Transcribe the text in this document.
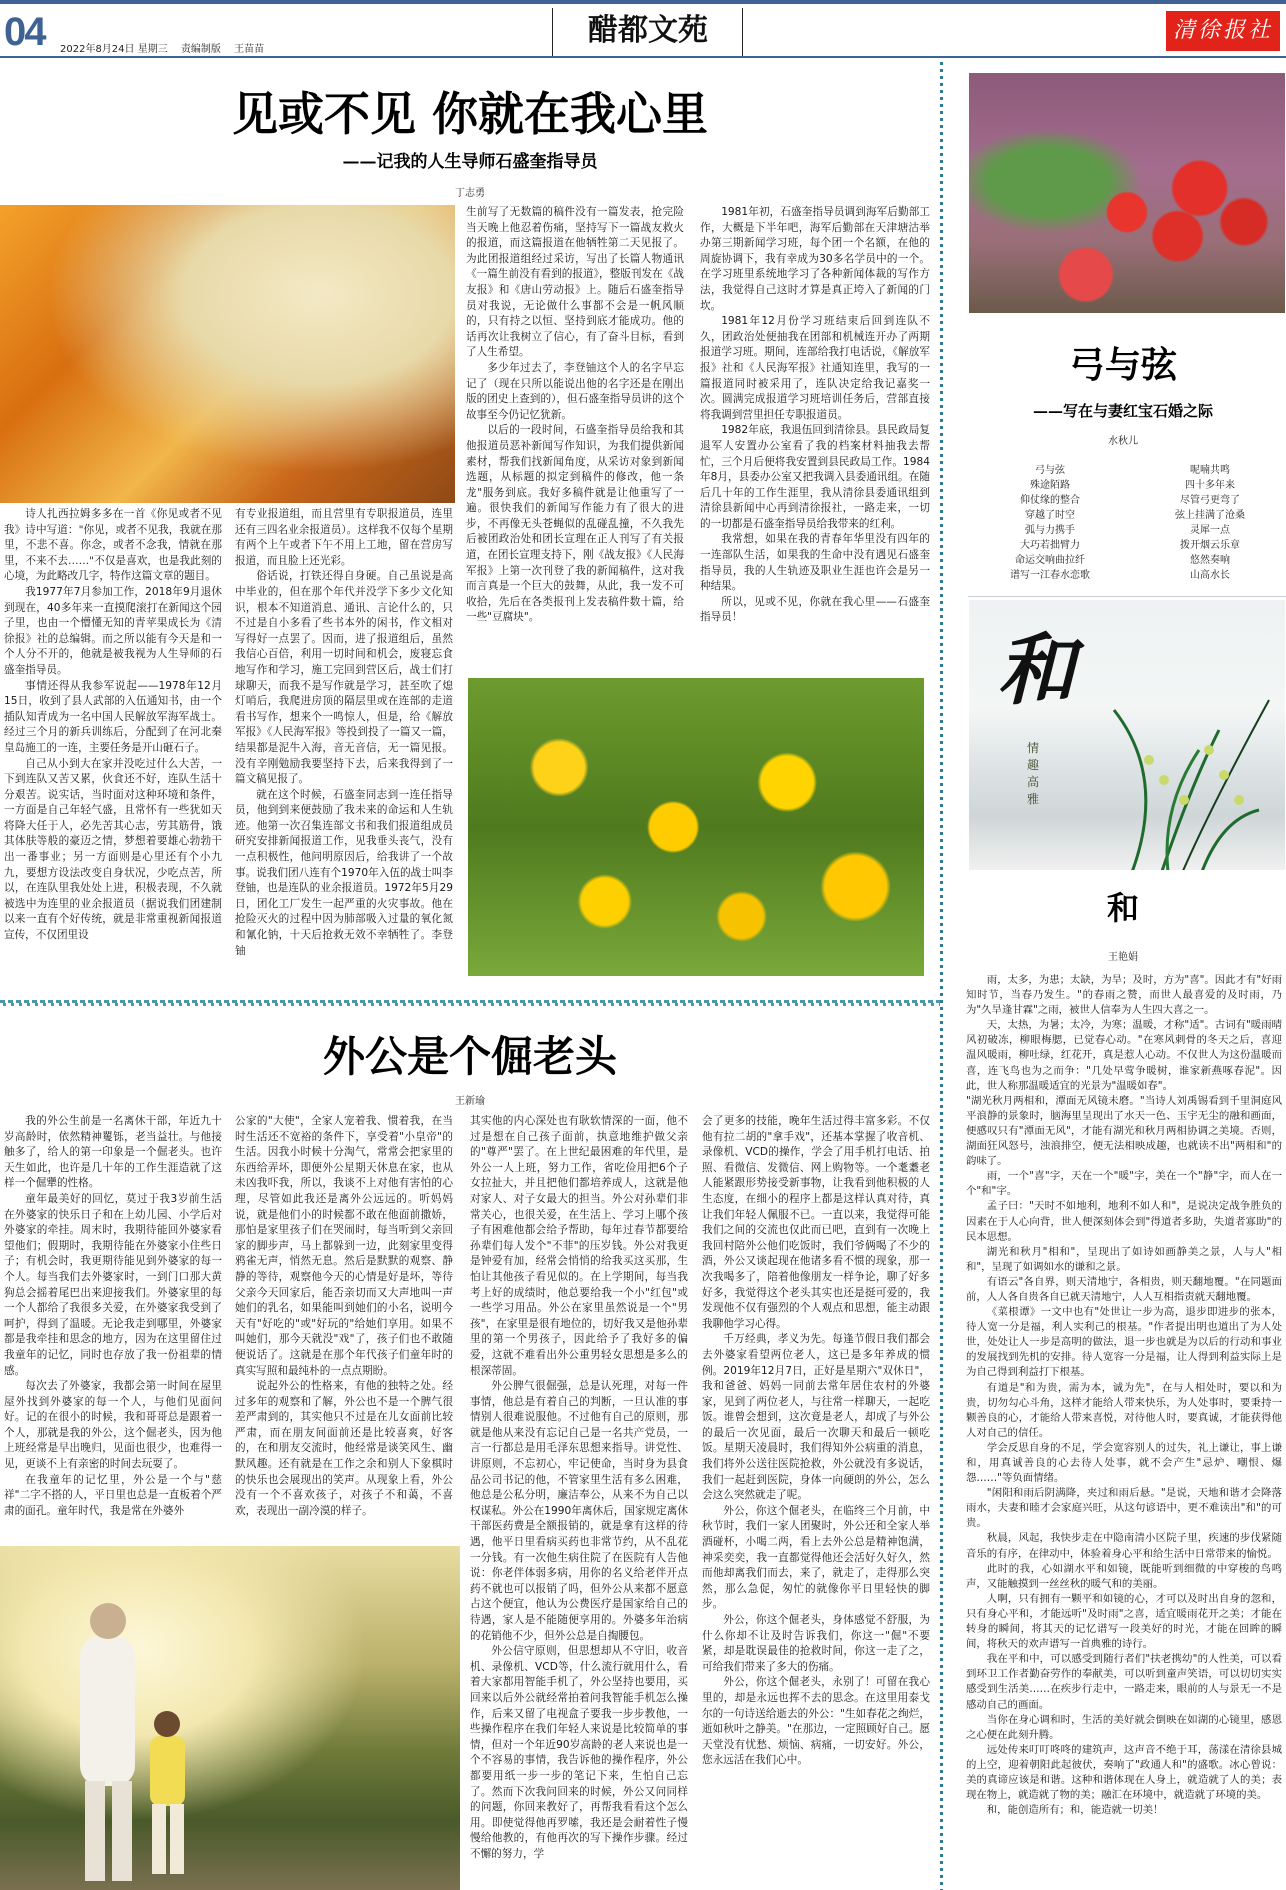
04 2022年8月24日 星期三 责编制版 王苗苗
醋都文苑	清徐报社
见或不见 你就在我心里
——记我的人生导师石盛奎指导员
丁志勇

诗人扎西拉姆多多在一首《你见或者不见我》诗中写道："你见，或者不见我，我就在那里，不悲不喜。你念，或者不念我，情就在那里，不来不去……"不仅是喜欢，也是我此刻的心境，为此略改几字，特作这篇文章的题目。

我1977年7月参加工作，2018年9月退休到现在，40多年来一直摸爬滚打在新闻这个园子里，也由一个懵懂无知的青苹果成长为《清徐报》社的总编辑。而之所以能有今天是和一个人分不开的，他就是被我视为人生导师的石盛奎指导员。

事情还得从我参军说起——1978年12月15日，收到了县人武部的入伍通知书，由一个插队知青成为一名中国人民解放军海军战士。经过三个月的新兵训练后，分配到了在河北秦皇岛施工的一连，主要任务是开山砸石子。

自己从小到大在家并没吃过什么大苦，一下到连队又苦又累，伙食还不好，连队生活十分艰苦。说实话，当时面对这种环境和条件，一方面是自己年轻气盛，且常怀有一些犹如天将降大任于人，必先苦其心志，劳其筋骨，饿其体肤等般的豪迈之情，梦想着要雄心勃勃干出一番事业；另一方面则是心里还有个小九九，要想方设法改变自身状况，少吃点苦，所以，在连队里我处处上进，积极表现，不久就被选中为连里的业余报道员（据说我们团建制以来一直有个好传统，就是非常重视新闻报道宣传，不仅团里设

有专业报道组，而且营里有专职报道员，连里还有三四名业余报道员）。这样我不仅每个星期有两个上午或者下午不用上工地，留在营房写报道，而且脸上还光彩。

俗话说，打铁还得自身硬。自己虽说是高中毕业的，但在那个年代并没学下多少文化知识，根本不知道消息、通讯、言论什么的，只不过是自小多看了些书本外的闲书，作文相对写得好一点罢了。因而，进了报道组后，虽然我信心百倍，利用一切时间和机会，废寝忘食地写作和学习，施工完回到营区后，战士们打球聊天，而我不是写作就是学习，甚至吹了熄灯哨后，我爬进房顶的隔层里或在连部的走道看书写作，想来个一鸣惊人，但是，给《解放军报》《人民海军报》等投到投了一篇又一篇，结果都是泥牛入海，音无音信，无一篇见报。没有辛刚勉励我要坚持下去，后来我得到了一篇文稿见报了。

就在这个时候，石盛奎同志到一连任指导员，他到到来便鼓励了我未来的命运和人生轨迹。他第一次召集连部文书和我们报道组成员研究安排新闻报道工作，见我垂头丧气，没有一点积极性，他问明原因后，给我讲了一个故事。说我们团八连有个1970年入伍的战士叫李登铀，也是连队的业余报道员。1972年5月29日，团化工厂发生一起严重的火灾事故。他在抢险灭火的过程中因为肺部吸入过量的氧化氮和氰化钠，十天后抢救无效不幸牺牲了。李登铀

生前写了无数篇的稿件没有一篇发表，抢完险当天晚上他忍着伤痛，坚持写下一篇战友救火的报道，而这篇报道在他牺牲第二天见报了。为此团报道组经过采访，写出了长篇人物通讯《一篇生前没有看到的报道》，整版刊发在《战友报》和《唐山劳动报》上。随后石盛奎指导员对我说，无论做什么事都不会是一帆风顺的，只有持之以恒、坚持到底才能成功。他的话再次让我树立了信心，有了奋斗目标，看到了人生希望。

多少年过去了，李登铀这个人的名字早忘记了（现在只所以能说出他的名字还是在刚出版的团史上查到的），但石盛奎指导员讲的这个故事至今仍记忆犹新。

以后的一段时间，石盛奎指导员给我和其他报道员恶补新闻写作知识，为我们提供新闻素材，帮我们找新闻角度，从采访对象到新闻选题，从标题的拟定到稿件的修改，他一条龙"服务到底。我好多稿件就是让他重写了一遍。很快我们的新闻写作能力有了很大的进步，不再像无头苍蝇似的乱碰乱撞，不久我先后被团政治处和团长宣理在正人刊写了有关报道，在团长宣理支持下，刚《战友报》《人民海军报》上第一次刊登了我的新闻稿件，这对我而言真是一个巨大的鼓舞，从此，我一发不可收拾，先后在各类报刊上发表稿件数十篇，给一些"豆腐块"。

1981年初，石盛奎指导员调到海军后勤部工作，大概是下半年吧，海军后勤部在天津塘沽举办第三期新闻学习班，每个团一个名额，在他的周旋协调下，我有幸成为30多名学员中的一个。在学习班里系统地学习了各种新闻体裁的写作方法，我觉得自己这时才算是真正垮入了新闻的门坎。

1981年12月份学习班结束后回到连队不久，团政治处便抽我在团部和机械连开办了两期报道学习班。期间，连部给我打电话说，《解放军报》社和《人民海军报》社通知连里，我写的一篇报道同时被采用了，连队决定给我记嘉奖一次。圆满完成报道学习班培训任务后，营部直接将我调到营里担任专职报道员。

1982年底，我退伍回到清徐县。县民政局复退军人安置办公室看了我的档案材料抽我去帮忙，三个月后便将我安置到县民政局工作。1984年8月，县委办公室又把我调入县委通讯组。在随后几十年的工作生涯里，我从清徐县委通讯组到清徐县新闻中心再到清徐报社，一路走来，一切的一切都是石盛奎指导员给我带来的红利。

我常想，如果在我的青春年华里没有四年的一连部队生活，如果我的生命中没有遇见石盛奎指导员，我的人生轨迹及职业生涯也许会是另一种结果。

所以，见或不见，你就在我心里——石盛奎指导员！

弓与弦
——写在与妻红宝石婚之际
水秋儿
弓与弦
殊途陌路
仰仗缘的整合
穿越了时空
弧与力携手
大巧若拙臂力
命运交响曲拉纤
谱写一江春水恋歌
呢喃共鸣
四十多年来
尽管弓更弯了
弦上挂满了沧桑
灵犀一点
拨开烟云乐章
悠然奏响
山高水长
和
情趣高雅
和
王艳娟

雨，太多，为患；太缺，为旱；及时，方为"喜"。因此才有"好雨知时节，当春乃发生。"的春雨之赞，而世人最喜爱的及时雨，乃为"久旱逢甘霖"之雨，被世人信奉为人生四大喜之一。

天，太热，为暑；太冷，为寒；温暖，才称"适"。古词有"暖雨晴风初破冻，柳眼梅腮，已觉春心动。"在寒风刺骨的冬天之后，喜迎温风暖雨，柳吐绿，红花开，真是惹人心动。不仅世人为这份温暖而喜，连飞鸟也为之而争："几处早莺争暖树，谁家新燕啄春泥"。因此，世人称那温暖适宜的光景为"温暖如春"。

"湖光秋月两相和，潭面无风镜未磨。"当诗人刘禹锡看到千里洞庭风平浪静的景象时，脑海里呈现出了水天一色、玉宇无尘的融和画面，便感叹只有"潭面无风"，才能有湖光和秋月两相协调之美境。否则，湖面狂风怒号，浊浪排空，便无法相映成趣，也就读不出"两相和"的韵味了。

雨，一个"喜"字，天在一个"暖"字，美在一个"静"字，而人在一个"和"字。

孟子曰："天时不如地利，地利不如人和"，是说决定战争胜负的因素在于人心向背，世人便深刻体会到"得道者多助，失道者寡助"的民本思想。

湖光和秋月"相和"，呈现出了如诗如画静美之景，人与人"相和"，呈现了如调如水的谦和之景。

有语云"各自界，则天清地宁，各相贵，则天翻地覆。"在同题面前，人人各自贵各自已就天清地宁，人人互相指责就天翻地覆。

《菜根谭》一文中也有"处世让一步为高，退步即进步的张本，待人宽一分是福，利人实利己的根基。"作者提出明也道出了为人处世，处处让人一步是高明的做法，退一步也就是为以后的行动和事业的发展找到先机的安排。待人宽容一分是福，让人得到利益实际上是为自己得到利益打下根基。

有道是"和为贵，需为本，诚为先"，在与人相处时，要以和为贵，切勿勾心斗角，这样才能给人带来快乐，为人处事时，要秉持一颗善良的心，才能给人带来喜悦，对待他人时，要真诚，才能获得他人对自己的信任。

学会反思自身的不足，学会宽容别人的过失，礼上谦让，事上谦和，用真诚善良的心去待人处事，就不会产生"忌炉、嘲恨、爆怨……"等负面情绪。

"闲阳和雨后阴满降，夹过和雨后悬。"是说，天地和谐才会降落雨水，夫妻和睦才会家庭兴旺，从这句谚语中，更不难读出"和"的可贵。

秋晨，风起，我快步走在中隐南清小区院子里，疾速的步伐紧随音乐的有序，在律动中，体验着身心平和给生活中日常带来的愉悦。

此时的我，心如湖水平和如镜，既能听到细微的中穿梭的鸟鸣声，又能触摸到一丝丝秋的暖气和的美丽。

人啊，只有拥有一颗平和如镜的心，才可以及时出自身的忽和，只有身心平和，才能远听"及时雨"之喜，适宜暖雨花开之美；才能在转身的瞬间，将其天的记忆谱写一段美好的时光，才能在回眸的瞬间，将秋天的欢声谱写一首典雅的诗行。

我在平和中，可以感受到随行者们"扶老携幼"的人性美，可以看到环卫工作者勤奋劳作的奉献美，可以听到童声笑语，可以切切实实感受到生活美……在疾步行走中，一路走来，眼前的人与景无一不是感动自己的画面。

当你在身心调和时，生活的美好就会倒映在如湖的心镜里，感恩之心便在此刻升腾。

远处传来叮叮咚咚的建筑声，这声音不绝于耳，荡漾在清徐县城的上空，迎着朝阳此起彼伏，奏响了"政通人和"的盛歌。冰心曾说：美的真谛应该是和谐。这种和谐体现在人身上，就造就了人的美；表现在物上，就造就了物的美；融汇在环境中，就造就了环境的美。

和，能创造所有；和，能造就一切美！

外公是个倔老头
王新瑜

我的外公生前是一名离休干部，年近九十岁高龄时，依然精神矍铄，老当益壮。与他接触多了，给人的第一印象是一个倔老头。也许天生如此，也许是几十年的工作生涯造就了这样一个倔犟的性格。

童年最美好的回忆，莫过于我3岁前生活在外婆家的快乐日子和在上幼儿园、小学后对外婆家的牵挂。周末时，我期待能回外婆家看望他们；假期时，我期待能在外婆家小住些日子；有机会时，我更期待能见到外婆家的每一个人。每当我们去外婆家时，一到门口那大黄狗总会摇着尾巴出来迎接我们。外婆家里的每一个人都给了我很多关爱，在外婆家我受到了呵护，得到了温暖。无论我走到哪里，外婆家都是我牵挂和思念的地方，因为在这里留住过我童年的记忆，同时也存放了我一份祖辈的情感。

每次去了外婆家，我都会第一时间在屋里屋外找到外婆家的每一个人，与他们见面问好。记的在很小的时候，我和哥哥总是跟着一个人，那就是我的外公，这个倔老头，因为他上班经常是早出晚归，见面也很少，也难得一见，更谈不上有亲密的时间去玩耍了。

在我童年的记忆里，外公是一个与"慈祥"二字不搭的人，平日里也总是一直板着个严肃的面孔。童年时代，我是常在外婆外

公家的"大使"，全家人宠着我、惯着我，在当时生活还不宽裕的条件下，享受着"小皇帝"的生活。因我小时候十分淘气，常常会把家里的东西给弄坏，即便外公星期天休息在家，也从未凶我吓我，所以，我谈不上对他有害怕的心理，尽管如此我还是离外公远远的。听妈妈说，就是他们小的时候都不敢在他面前撒娇，那怕是家里孩子们在哭闹时，每当听到父亲回家的脚步声，马上都躲到一边，此刻家里变得鸦雀无声，悄然无息。然后是默默的观察、静静的等待，观察他今天的心情是好是坏，等待父亲今天回家后，能否亲切而又大声地叫一声她们的乳名，如果能叫到她们的小名，说明今天有"好吃的"或"好玩的"给她们享用。如果不叫她们，那今天就没"戏"了，孩子们也不敢随便说话了。这就是在那个年代孩子们童年时的真实写照和最纯朴的一点点期盼。

说起外公的性格来，有他的独特之处。经过多年的观察和了解，外公也不是一个脾气很差严肃到的，其实他只不过是在儿女面前比较严肃，而在朋友间面前还是比较喜爽，好客的，在和朋友交流时，他经常是谈笑风生、幽默风趣。还有就是在工作之余和别人下象棋时的快乐也会展现出的笑声。从现象上看，外公没有一个不喜欢孩子，对孩子不和蔼，不喜欢，表现出一副冷漠的样子。

其实他的内心深处也有耿软情深的一面，他不过是想在自己孩子面前，执意地维护做父亲的"尊严"罢了。在上世纪最困难的年代里，是外公一人上班，努力工作，省吃俭用把6个子女拉扯大，并且把他们都培养成人，这就是他对家人、对子女最大的担当。外公对孙辈们非常关心，也很关爱，在生活上、学习上哪个孩子有困难他都会给予帮助，每年过春节都要给孙辈们每人发个"不菲"的压岁钱。外公对我更是钟爱有加，经常会悄悄的给我买这买那，生怕让其他孩子看见似的。在上学期间，每当我考上好的成绩时，他总要给我一个小"红包"或一些学习用品。外公在家里虽然说是一个"男孩"，在家里是很有地位的，切好我又是他孙辈里的第一个男孩子，因此给予了我好多的偏爱，这就不难看出外公重男轻女思想是多么的根深蒂固。

外公脾气很倔强，总是认死理，对每一件事情，他总是有着自己的判断，一旦认准的事情别人很难说服他。不过他有自己的原则，那就是他从来没有忘记自己是一名共产党员，一言一行都总是用毛泽东思想来指导。讲党性、讲原则，不忘初心，牢记使命，当时身为县食品公司书记的他，不管家里生活有多么困难，他总是公私分明，廉洁奉公，从来不为自己以权谋私。外公在1990年离休后，国家规定离休干部医药费是全额报销的，就是拿有这样的待遇，他平日里看病买药也非常节约，从不乱花一分钱。有一次他生病住院了在医院有人告他说：你老伴体弱多病，用你的名义给老伴开点药不就也可以报销了吗，但外公从来都不愿意占这个便宜，他认为公费医疗是国家给自己的待遇，家人是不能随便享用的。外婆多年治病的花销他不少，但外公总是自掏腰包。

外公信守原则，但思想却从不守旧，收音机、录像机、VCD等，什么流行就用什么，看着大家都用智能手机了，外公坚持也要用，买回来以后外公就经常拍着问我智能手机怎么操作，后来又留了电视盒子要我一步步教他，一些操作程序在我们年轻人来说是比较简单的事情，但对一个年近90岁高龄的老人来说也是一个不容易的事情，我告诉他的操作程序，外公都要用纸一步一步的笔记下来，生怕自己忘了。然而下次我问回来的时候，外公又问同样的问题，你回来教好了，再帮我看看这个怎么用。即使觉得他再罗嗦，我还是会耐着性子慢慢给他教的，有他再次的写下操作步骤。经过不懈的努力，学

会了更多的技能，晚年生活过得丰富多彩。不仅他有拉二胡的"拿手戏"，还基本掌握了收音机、录像机、VCD的操作，学会了用手机打电话、拍照、看微信、发微信、网上购物等。一个耄耋老人能紧跟形势接受新事物，让我看到他积极的人生态度，在细小的程序上都是这样认真对待，真让我们年轻人佩服不已。一直以来，我觉得可能我们之间的交流也仅此而已吧，直到有一次晚上我回村陪外公他们吃饭时，我们爷俩喝了不少的酒，外公又谈起现在他诸多看不惯的现象，那一次我喝多了，陪着他像朋友一样争论，聊了好多好多，我觉得这个老头其实也还是挺可爱的，我发现他不仅有强烈的个人观点和思想，能主动跟我聊他学习心得。

千万经典，孝义为先。每逢节假日我们都会去外婆家看望两位老人，这已是多年养成的惯例。2019年12月7日，正好是星期六"双休日"，我和爸爸、妈妈一同前去常年居住农村的外婆家，见到了两位老人，与往常一样聊天，一起吃饭。谁曾会想到，这次竟是老人，却成了与外公的最后一次见面，最后一次聊天和最后一顿吃饭。星期天凌晨时，我们得知外公病重的消息，我们将外公送往医院抢救，外公就没有多说话，我们一起赶到医院，身体一向硬朗的外公，怎么会这么突然就走了呢。

外公，你这个倔老头，在临终三个月前，中秋节时，我们一家人团聚时，外公还和全家人举酒碰杯，小喝二两，看上去外公总是精神饱满，神采奕奕，我一直都觉得他还会活好久好久，然而他却离我们而去，来了，就走了，走得那么突然，那么急促，匆忙的就像你平日里轻快的脚步。

外公，你这个倔老头，身体感觉不舒服，为什么你却不让及时告诉我们，你这一"倔"不要紧，却是耽误最佳的抢救时间，你这一走了之，可给我们带来了多大的伤痛。

外公，你这个倔老头，永别了！可留在我心里的，却是永远也挥不去的思念。在这里用泰戈尔的一句诗送给逝去的外公："生如春花之绚烂，逝如秋叶之静美。"在那边，一定照顾好自己。愿天堂没有忧愁、烦恼、病痛，一切安好。外公，您永远活在我们心中。
